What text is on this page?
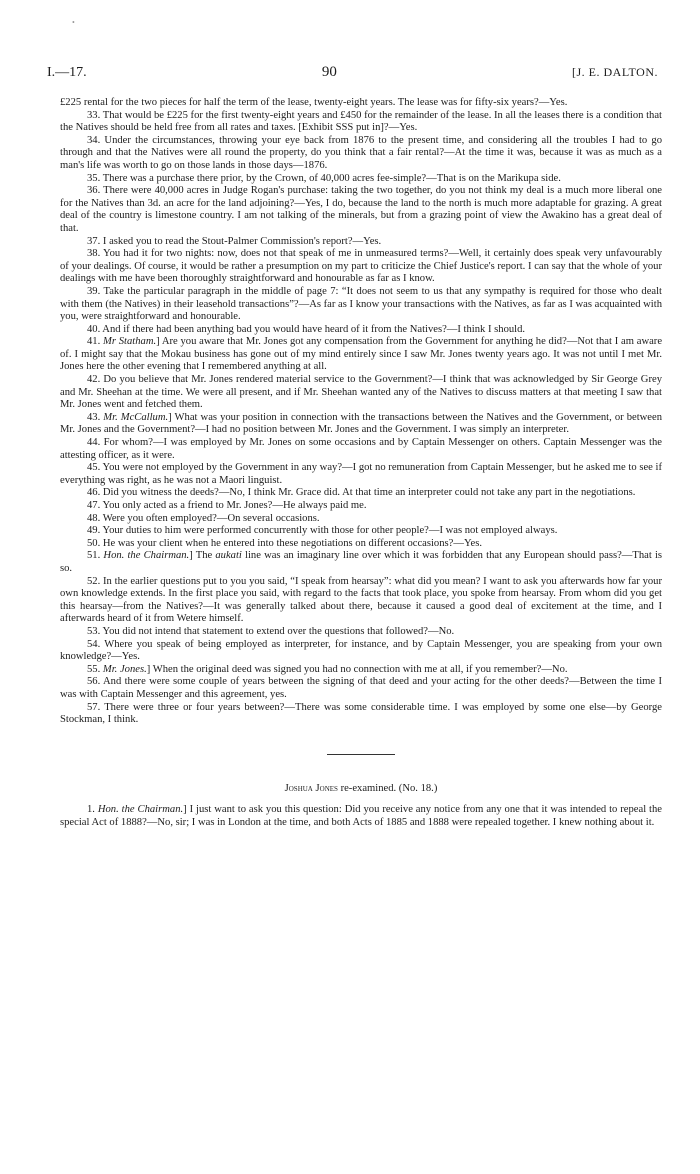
•
I.—17.	90	[J. E. DALTON.

£225 rental for the two pieces for half the term of the lease, twenty-eight years. The lease was for fifty-six years?—Yes.

33. That would be £225 for the first twenty-eight years and £450 for the remainder of the lease. In all the leases there is a condition that the Natives should be held free from all rates and taxes. [Exhibit SSS put in]?—Yes.

34. Under the circumstances, throwing your eye back from 1876 to the present time, and considering all the troubles I had to go through and that the Natives were all round the property, do you think that a fair rental?—At the time it was, because it was as much as a man's life was worth to go on those lands in those days—1876.

35. There was a purchase there prior, by the Crown, of 40,000 acres fee-simple?—That is on the Marikupa side.

36. There were 40,000 acres in Judge Rogan's purchase: taking the two together, do you not think my deal is a much more liberal one for the Natives than 3d. an acre for the land adjoining?—Yes, I do, because the land to the north is much more adaptable for grazing. A great deal of the country is limestone country. I am not talking of the minerals, but from a grazing point of view the Awakino has a great deal of that.

37. I asked you to read the Stout-Palmer Commission's report?—Yes.

38. You had it for two nights: now, does not that speak of me in unmeasured terms?—Well, it certainly does speak very unfavourably of your dealings. Of course, it would be rather a presumption on my part to criticize the Chief Justice's report. I can say that the whole of your dealings with me have been thoroughly straightforward and honourable as far as I know.

39. Take the particular paragraph in the middle of page 7: “It does not seem to us that any sympathy is required for those who dealt with them (the Natives) in their leasehold transactions”?—As far as I know your transactions with the Natives, as far as I was acquainted with you, were straightforward and honourable.

40. And if there had been anything bad you would have heard of it from the Natives?—I think I should.

41. Mr Statham.] Are you aware that Mr. Jones got any compensation from the Government for anything he did?—Not that I am aware of. I might say that the Mokau business has gone out of my mind entirely since I saw Mr. Jones twenty years ago. It was not until I met Mr. Jones here the other evening that I remembered anything at all.

42. Do you believe that Mr. Jones rendered material service to the Government?—I think that was acknowledged by Sir George Grey and Mr. Sheehan at the time. We were all present, and if Mr. Sheehan wanted any of the Natives to discuss matters at that meeting I saw that Mr. Jones went and fetched them.

43. Mr. McCallum.] What was your position in connection with the transactions between the Natives and the Government, or between Mr. Jones and the Government?—I had no position between Mr. Jones and the Government. I was simply an interpreter.

44. For whom?—I was employed by Mr. Jones on some occasions and by Captain Messenger on others. Captain Messenger was the attesting officer, as it were.

45. You were not employed by the Government in any way?—I got no remuneration from Captain Messenger, but he asked me to see if everything was right, as he was not a Maori linguist.

46. Did you witness the deeds?—No, I think Mr. Grace did. At that time an interpreter could not take any part in the negotiations.

47. You only acted as a friend to Mr. Jones?—He always paid me.

48. Were you often employed?—On several occasions.

49. Your duties to him were performed concurrently with those for other people?—I was not employed always.

50. He was your client when he entered into these negotiations on different occasions?—Yes.

51. Hon. the Chairman.] The aukati line was an imaginary line over which it was forbidden that any European should pass?—That is so.

52. In the earlier questions put to you you said, “I speak from hearsay”: what did you mean? I want to ask you afterwards how far your own knowledge extends. In the first place you said, with regard to the facts that took place, you spoke from hearsay. From whom did you get this hearsay—from the Natives?—It was generally talked about there, because it caused a good deal of excitement at the time, and I afterwards heard of it from Wetere himself.

53. You did not intend that statement to extend over the questions that followed?—No.

54. Where you speak of being employed as interpreter, for instance, and by Captain Messenger, you are speaking from your own knowledge?—Yes.

55. Mr. Jones.] When the original deed was signed you had no connection with me at all, if you remember?—No.

56. And there were some couple of years between the signing of that deed and your acting for the other deeds?—Between the time I was with Captain Messenger and this agreement, yes.

57. There were three or four years between?—There was some considerable time. I was employed by some one else—by George Stockman, I think.

Joshua Jones re-examined. (No. 18.)

1. Hon. the Chairman.] I just want to ask you this question: Did you receive any notice from any one that it was intended to repeal the special Act of 1888?—No, sir; I was in London at the time, and both Acts of 1885 and 1888 were repealed together. I knew nothing about it.
